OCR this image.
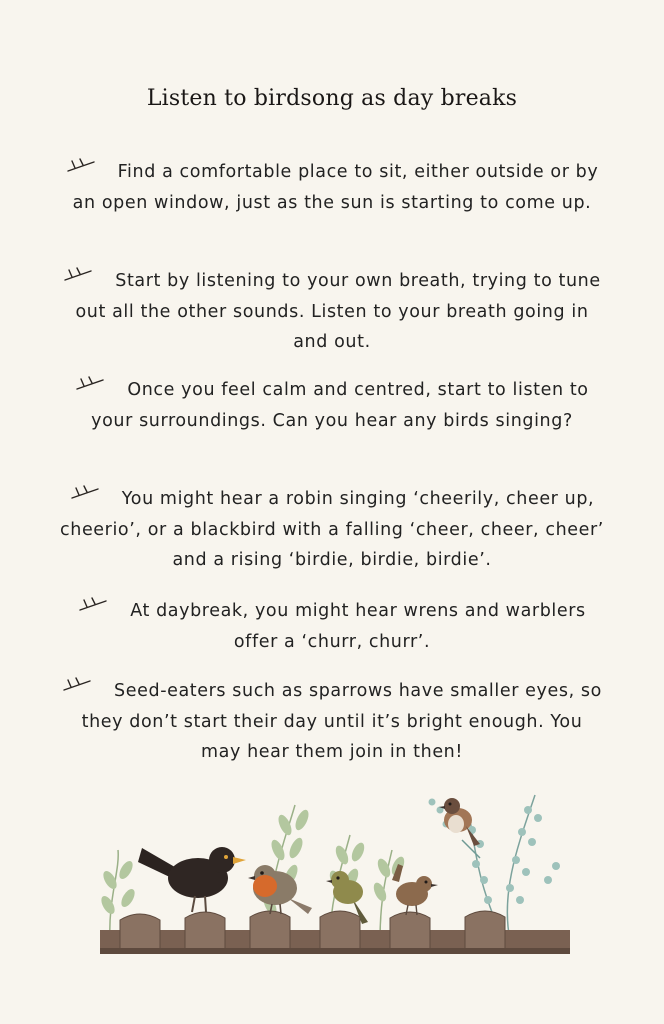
Listen to birdsong as day breaks
Find a comfortable place to sit, either outside or by an open window, just as the sun is starting to come up.
Start by listening to your own breath, trying to tune out all the other sounds. Listen to your breath going in and out.
Once you feel calm and centred, start to listen to your surroundings. Can you hear any birds singing?
You might hear a robin singing ‘cheerily, cheer up, cheerio’, or a blackbird with a falling ‘cheer, cheer, cheer’ and a rising ‘birdie, birdie, birdie’.
At daybreak, you might hear wrens and warblers offer a ‘churr, churr’.
Seed-eaters such as sparrows have smaller eyes, so they don’t start their day until it’s bright enough. You may hear them join in then!
